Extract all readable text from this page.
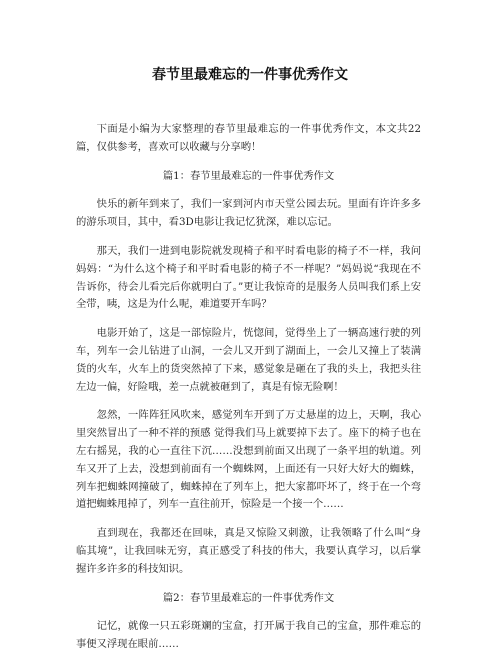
春节里最难忘的一件事优秀作文

下面是小编为大家整理的春节里最难忘的一件事优秀作文，本文共22篇，仅供参考，喜欢可以收藏与分享哟！

篇1：春节里最难忘的一件事优秀作文

快乐的新年到来了，我们一家到河内市天堂公园去玩。里面有许许多多的游乐项目，其中，看3D电影让我记忆犹深，难以忘记。

那天，我们一进到电影院就发现椅子和平时看电影的椅子不一样，我问妈妈：“为什么这个椅子和平时看电影的椅子不一样呢？”妈妈说“我现在不告诉你，待会儿看完后你就明白了。”更让我惊奇的是服务人员叫我们系上安全带，咦，这是为什么呢，难道要开车吗？

电影开始了，这是一部惊险片，恍惚间，觉得坐上了一辆高速行驶的列车，列车一会儿钻进了山洞，一会儿又开到了湖面上，一会儿又撞上了装满货的火车，火车上的货突然掉了下来，感觉象是砸在了我的头上，我把头往左边一偏，好险哦，差一点就被砸到了，真是有惊无险啊！

忽然，一阵阵狂风吹来，感觉列车开到了万丈悬崖的边上，天啊，我心里突然冒出了一种不祥的预感 觉得我们马上就要掉下去了。座下的椅子也在左右摇晃，我的心一直往下沉……没想到前面又出现了一条平坦的轨道。列车又开了上去，没想到前面有一个蜘蛛网，上面还有一只好大好大的蜘蛛，列车把蜘蛛网撞破了，蜘蛛掉在了列车上，把大家都吓坏了，终于在一个弯道把蜘蛛甩掉了，列车一直往前开，惊险是一个接一个……

直到现在，我都还在回味，真是又惊险又刺激，让我领略了什么叫“身临其境”，让我回味无穷，真正感受了科技的伟大，我要认真学习，以后掌握许多许多的科技知识。

篇2：春节里最难忘的一件事优秀作文

记忆，就像一只五彩斑斓的宝盒，打开属于我自己的宝盒，那件难忘的事便又浮现在眼前……
